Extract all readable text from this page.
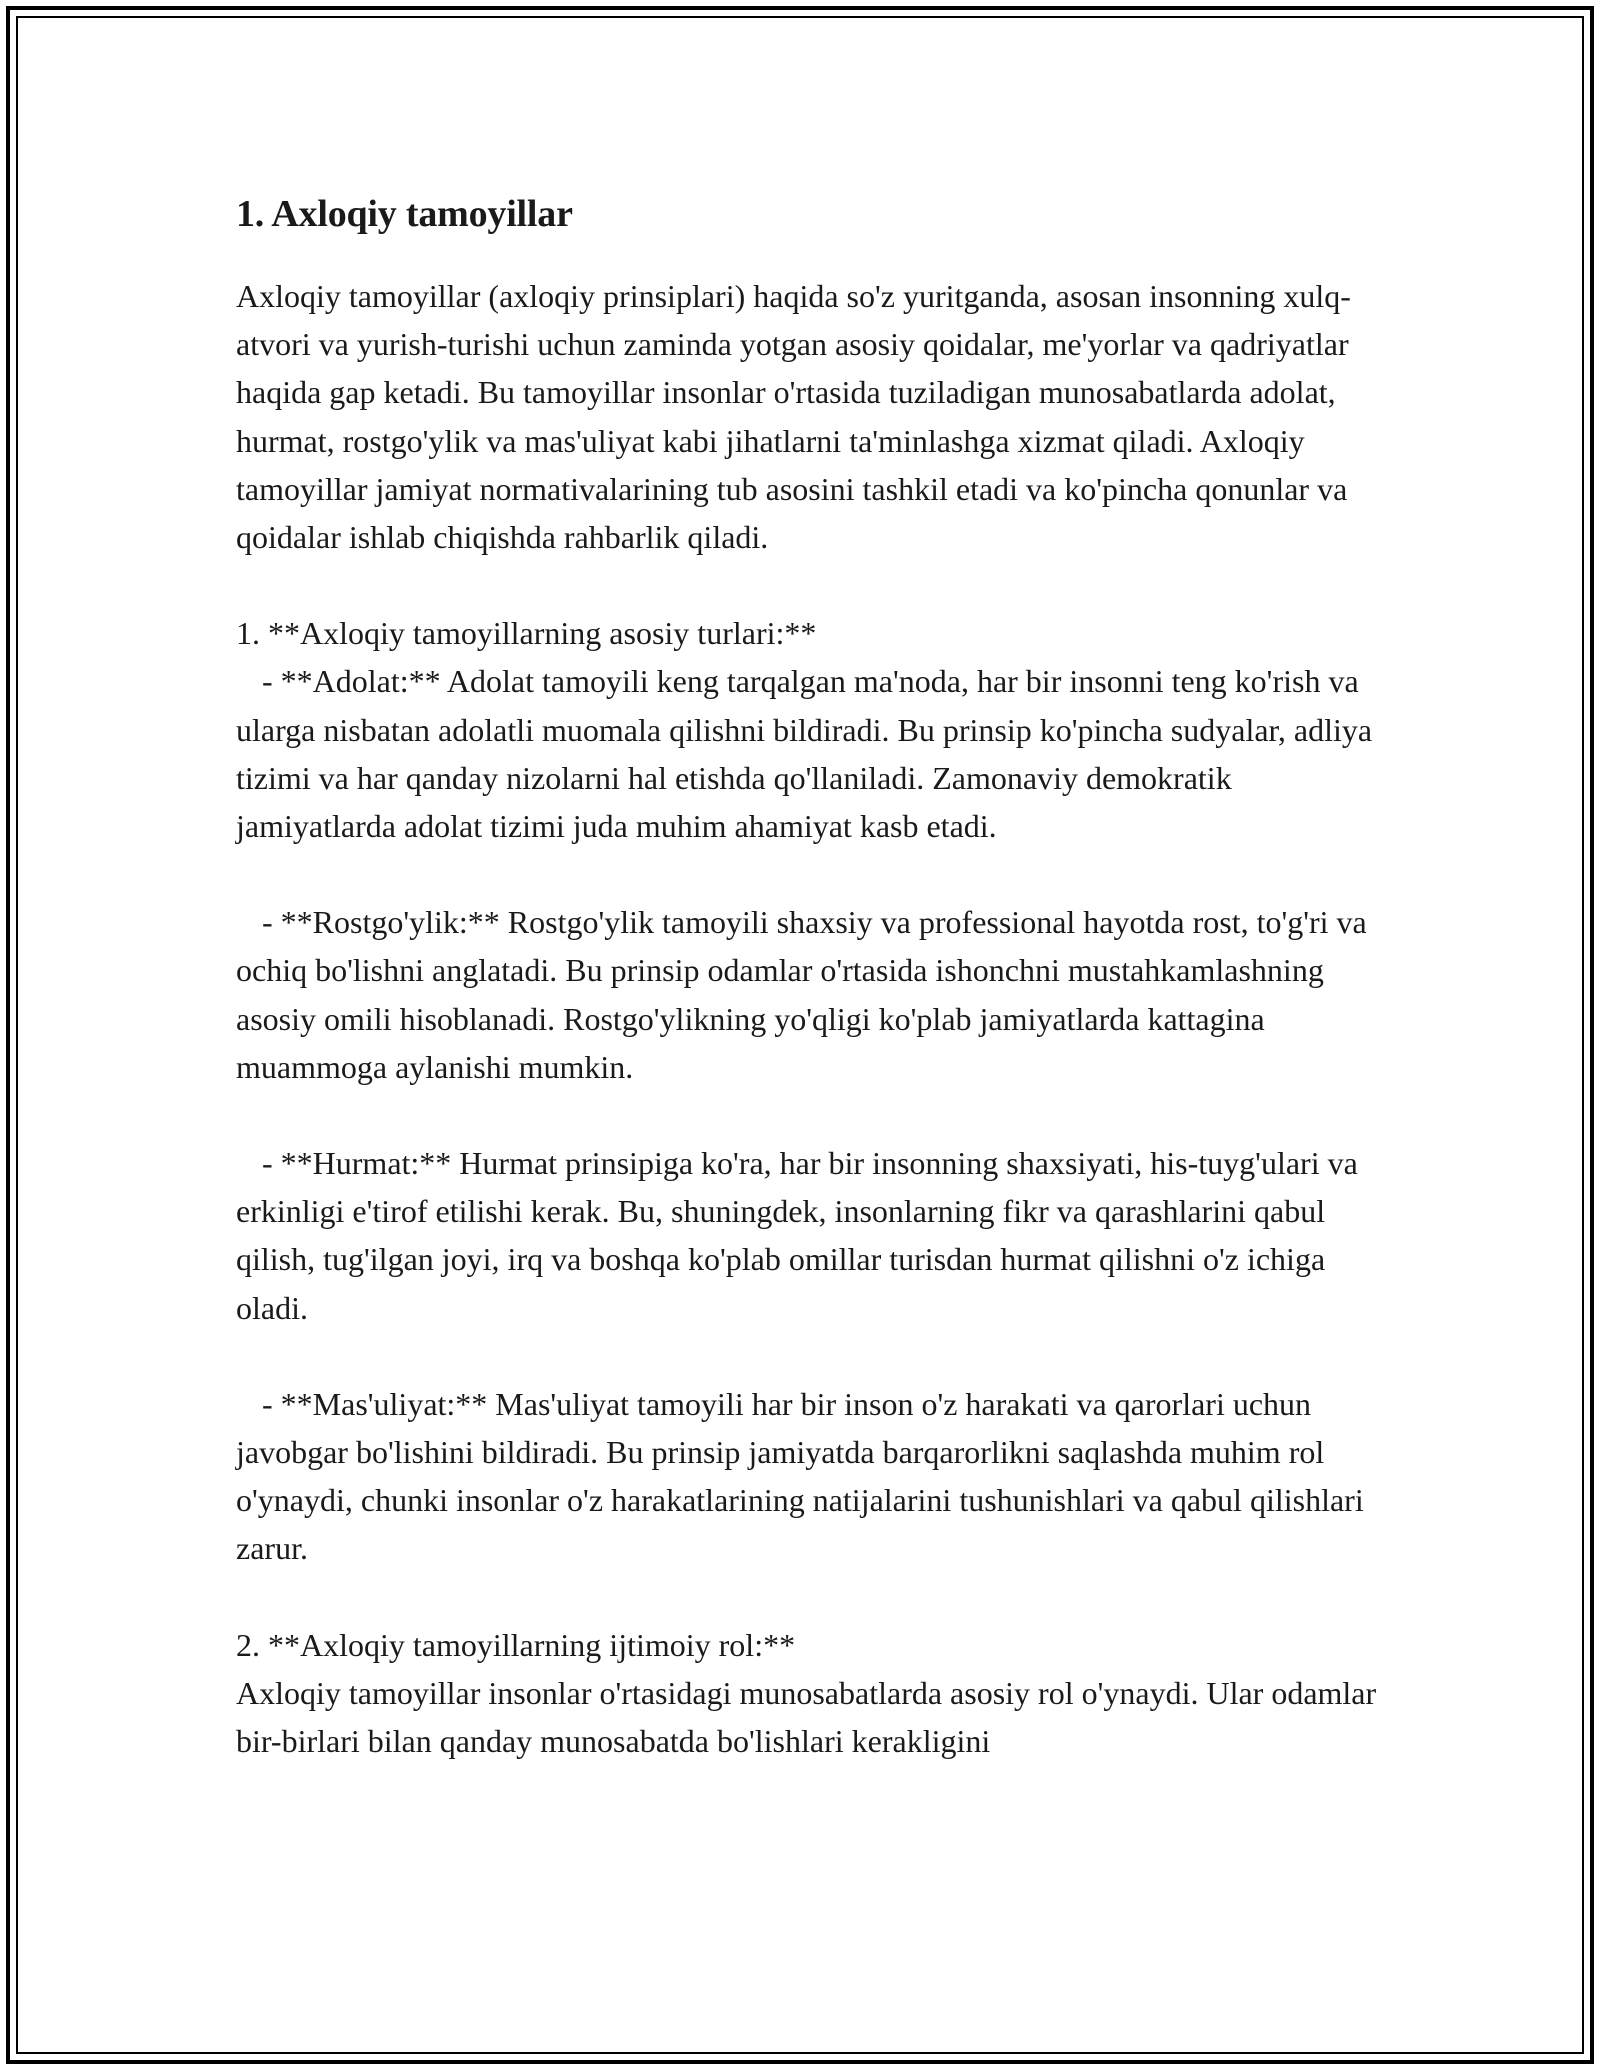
1. Axloqiy tamoyillar

Axloqiy tamoyillar (axloqiy prinsiplari) haqida so'z yuritganda, asosan insonning xulq-atvori va yurish-turishi uchun zaminda yotgan asosiy qoidalar, me'yorlar va qadriyatlar haqida gap ketadi. Bu tamoyillar insonlar o'rtasida tuziladigan munosabatlarda adolat, hurmat, rostgo'ylik va mas'uliyat kabi jihatlarni ta'minlashga xizmat qiladi. Axloqiy tamoyillar jamiyat normativalarining tub asosini tashkil etadi va ko'pincha qonunlar va qoidalar ishlab chiqishda rahbarlik qiladi.

1. **Axloqiy tamoyillarning asosiy turlari:**

- **Adolat:** Adolat tamoyili keng tarqalgan ma'noda, har bir insonni teng ko'rish va ularga nisbatan adolatli muomala qilishni bildiradi. Bu prinsip ko'pincha sudyalar, adliya tizimi va har qanday nizolarni hal etishda qo'llaniladi. Zamonaviy demokratik jamiyatlarda adolat tizimi juda muhim ahamiyat kasb etadi.

- **Rostgo'ylik:** Rostgo'ylik tamoyili shaxsiy va professional hayotda rost, to'g'ri va ochiq bo'lishni anglatadi. Bu prinsip odamlar o'rtasida ishonchni mustahkamlashning asosiy omili hisoblanadi. Rostgo'ylikning yo'qligi ko'plab jamiyatlarda kattagina muammoga aylanishi mumkin.

- **Hurmat:** Hurmat prinsipiga ko'ra, har bir insonning shaxsiyati, his-tuyg'ulari va erkinligi e'tirof etilishi kerak. Bu, shuningdek, insonlarning fikr va qarashlarini qabul qilish, tug'ilgan joyi, irq va boshqa ko'plab omillar turisdan hurmat qilishni o'z ichiga oladi.

- **Mas'uliyat:** Mas'uliyat tamoyili har bir inson o'z harakati va qarorlari uchun javobgar bo'lishini bildiradi. Bu prinsip jamiyatda barqarorlikni saqlashda muhim rol o'ynaydi, chunki insonlar o'z harakatlarining natijalarini tushunishlari va qabul qilishlari zarur.

2. **Axloqiy tamoyillarning ijtimoiy rol:**

Axloqiy tamoyillar insonlar o'rtasidagi munosabatlarda asosiy rol o'ynaydi. Ular odamlar bir-birlari bilan qanday munosabatda bo'lishlari kerakligini
